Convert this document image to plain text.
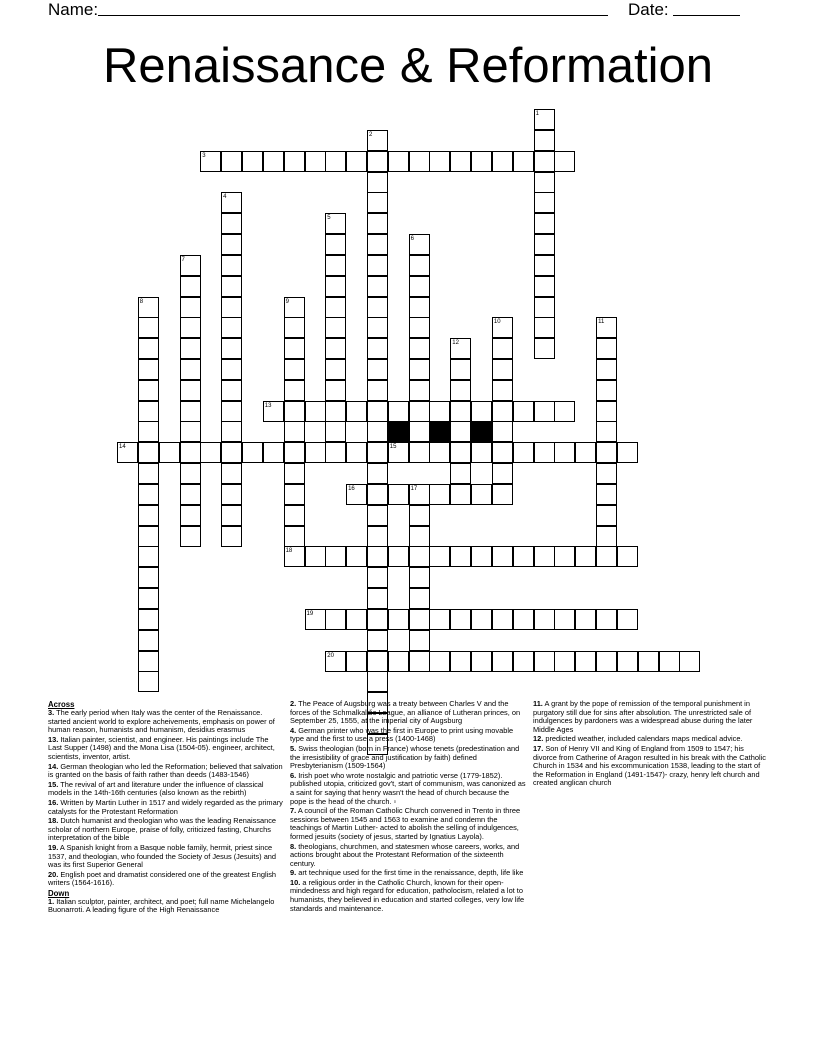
Name:	Date:
Renaissance & Reformation
1
2
3
4
5
6
7
8	9
10	11
12
13
14	15
16	17
18
19
20
Across
3. The early period when Italy was the center of the Renaissance. started ancient world to explore acheivements, emphasis on power of human reason, humanists and humanism, desidius erasmus
13. Italian painter, scientist, and engineer. His paintings include The Last Supper (1498) and the Mona Lisa (1504-05). engineer, architect, scientists, inventor, artist.
14. German theologian who led the Reformation; believed that salvation is granted on the basis of faith rather than deeds (1483-1546)
15. The revival of art and literature under the influence of classical models in the 14th-16th centuries (also known as the rebirth)
16. Written by Martin Luther in 1517 and widely regarded as the primary catalysts for the Protestant Reformation
18. Dutch humanist and theologian who was the leading Renaissance scholar of northern Europe, praise of folly, criticized fasting, Churchs interpretation of the bible
19. A Spanish knight from a Basque noble family, hermit, priest since 1537, and theologian, who founded the Society of Jesus (Jesuits) and was its first Superior General
20. English poet and dramatist considered one of the greatest English writers (1564-1616).
Down
1. Italian sculptor, painter, architect, and poet; full name Michelangelo Buonarroti. A leading figure of the High Renaissance
2. The Peace of Augsburg was a treaty between Charles V and the forces of the Schmalkaldic League, an alliance of Lutheran princes, on September 25, 1555, at the imperial city of Augsburg
4. German printer who was the first in Europe to print using movable type and the first to use a press (1400-1468)
5. Swiss theologian (born in France) whose tenets (predestination and the irresistibility of grace and justification by faith) defined Presbyterianism (1509-1564)
6. Irish poet who wrote nostalgic and patriotic verse (1779-1852). published utopia, criticized gov't, start of communism, was canonized as a saint for saying that henry wasn't the head of church because the pope is the head of the church. ▫
7. A council of the Roman Catholic Church convened in Trento in three sessions between 1545 and 1563 to examine and condemn the teachings of Martin Luther- acted to abolish the selling of indulgences, formed jesuits (society of jesus, started by Ignatius Layola).
8. theologians, churchmen, and statesmen whose careers, works, and actions brought about the Protestant Reformation of the sixteenth century.
9. art technique used for the first time in the renaissance, depth, life like
10. a religious order in the Catholic Church, known for their open-mindedness and high regard for education, patholocism, related a lot to humanists, they believed in education and started colleges, very low life standards and maintenance.
11. A grant by the pope of remission of the temporal punishment in purgatory still due for sins after absolution. The unrestricted sale of indulgences by pardoners was a widespread abuse during the later Middle Ages
12. predicted weather, included calendars maps medical advice.
17. Son of Henry VII and King of England from 1509 to 1547; his divorce from Catherine of Aragon resulted in his break with the Catholic Church in 1534 and his excommunication 1538, leading to the start of the Reformation in England (1491-1547)- crazy, henry left church and created anglican church
